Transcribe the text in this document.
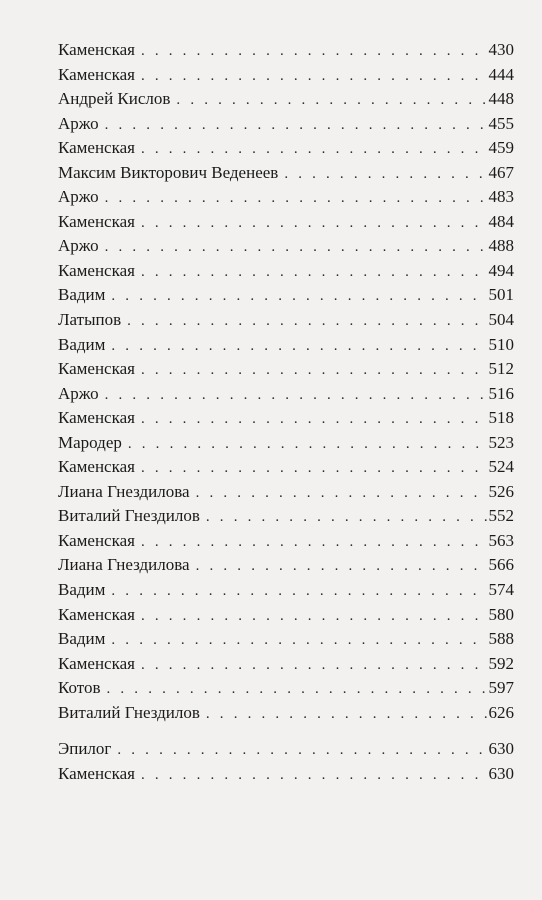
Каменская . . .	430
Каменская . . .	444
Андрей Кислов . . .	448
Аржо . . .	455
Каменская . . .	459
Максим Викторович Веденеев . . .	467
Аржо . . .	483
Каменская . . .	484
Аржо . . .	488
Каменская . . .	494
Вадим . . .	501
Латыпов . . .	504
Вадим . . .	510
Каменская . . .	512
Аржо . . .	516
Каменская . . .	518
Мародер . . .	523
Каменская . . .	524
Лиана Гнездилова . . .	526
Виталий Гнездилов . . .	552
Каменская . . .	563
Лиана Гнездилова . . .	566
Вадим . . .	574
Каменская . . .	580
Вадим . . .	588
Каменская . . .	592
Котов . . .	597
Виталий Гнездилов . . .	626
Эпилог . . .	630
Каменская . . .	630
